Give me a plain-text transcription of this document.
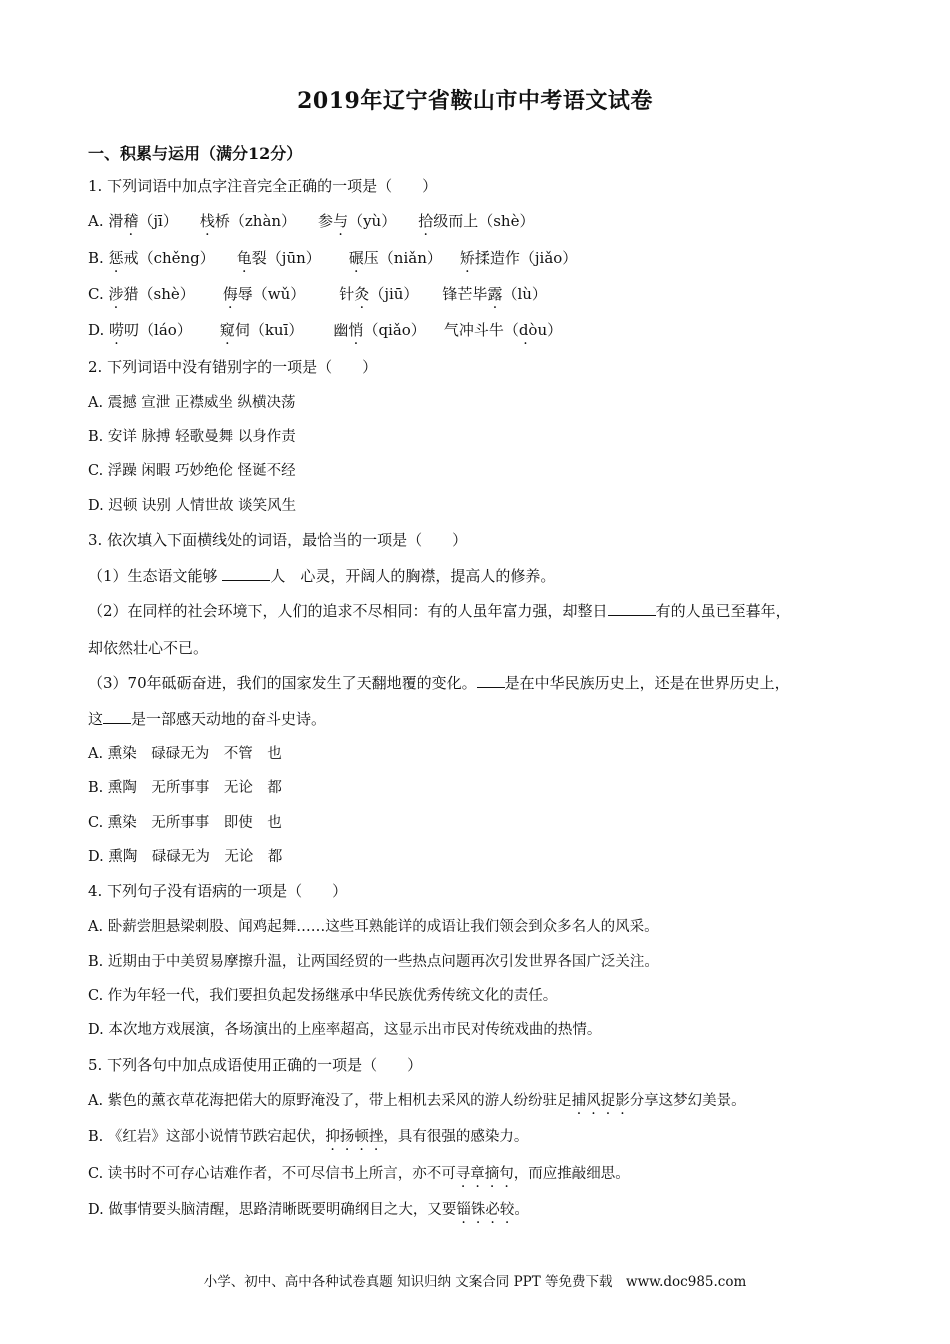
2019年辽宁省鞍山市中考语文试卷
一、积累与运用（满分12分）
1. 下列词语中加点字注音完全正确的一项是（　　）
A. 滑稽（jī） 栈桥（zhàn） 参与（yù） 拾级而上（shè）
B. 惩戒（chěng） 龟裂（jūn） 碾压（niǎn） 矫揉造作（jiǎo）
C. 涉猎（shè） 侮辱（wǔ） 针灸（jiū） 锋芒毕露（lù）
D. 唠叨（láo） 窥伺（kuī） 幽悄（qiǎo） 气冲斗牛（dòu） ·
2. 下列词语中没有错别字的一项是（　　）
A. 震撼 宣泄 正襟威坐 纵横决荡
B. 安详 脉搏 轻歌曼舞 以身作责
C. 浮躁 闲暇 巧妙绝伦 怪诞不经
D. 迟顿 诀别 人情世故 谈笑风生
3. 依次填入下面横线处的词语，最恰当的一项是（　　）
（1）生态语文能够	人　心灵，开阔人的胸襟，提高人的修养。
（2）在同样的社会环境下，人们的追求不尽相同：有的人虽年富力强，却整日	有的人虽已至暮年，
却依然壮心不已。
（3）70年砥砺奋进，我们的国家发生了天翻地覆的变化。 是在中华民族历史上，还是在世界历史上，
这 是一部感天动地的奋斗史诗。
A. 熏染　碌碌无为　不管　也
B. 熏陶　无所事事　无论　都
C. 熏染　无所事事　即使　也
D. 熏陶　碌碌无为　无论　都
4. 下列句子没有语病的一项是（　　）
A. 卧薪尝胆悬梁刺股、闻鸡起舞……这些耳熟能详的成语让我们领会到众多名人的风采。
B. 近期由于中美贸易摩擦升温，让两国经贸的一些热点问题再次引发世界各国广泛关注。
C. 作为年轻一代，我们要担负起发扬继承中华民族优秀传统文化的责任。
D. 本次地方戏展演，各场演出的上座率超高，这显示出市民对传统戏曲的热情。
5. 下列各句中加点成语使用正确的一项是（　　）
A. 紫色的薰衣草花海把偌大的原野淹没了，带上相机去采风的游人纷纷驻足捕风捉影分享这梦幻美景。
B. 《红岩》这部小说情节跌宕起伏，抑扬顿挫，具有很强的感染力。
C. 读书时不可存心诘难作者，不可尽信书上所言，亦不可寻章摘句，而应推敲细思。
D. 做事情要头脑清醒，思路清晰既要明确纲目之大，又要锱铢必较。
小学、初中、高中各种试卷真题 知识归纳 文案合同 PPT 等免费下载　www.doc985.com
